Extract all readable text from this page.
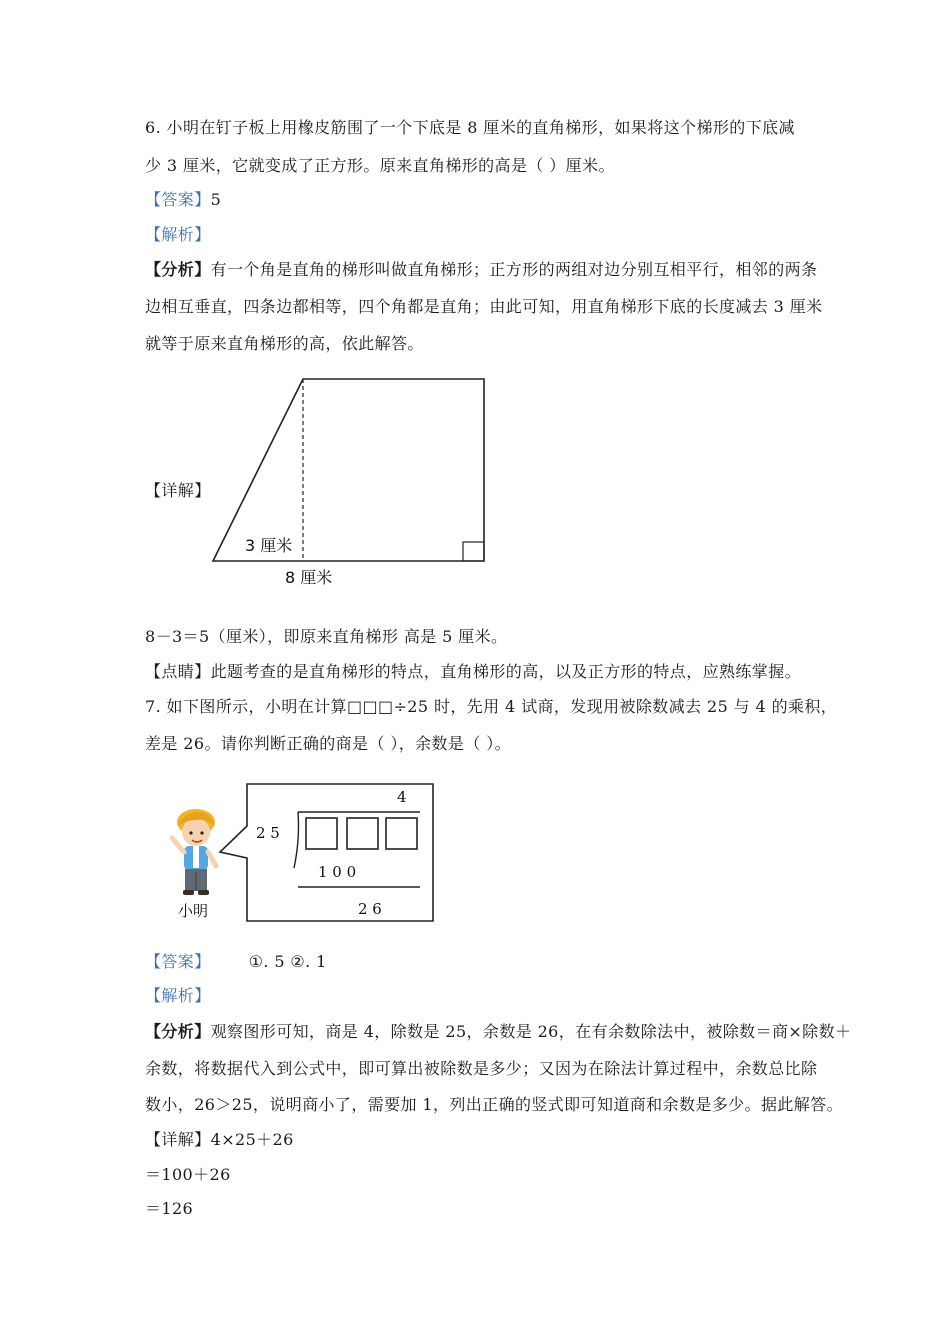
6. 小明在钉子板上用橡皮筋围了一个下底是 8 厘米的直角梯形，如果将这个梯形的下底减
少 3 厘米，它就变成了正方形。原来直角梯形的高是（ ）厘米。
【答案】5
【解析】
【分析】有一个角是直角的梯形叫做直角梯形；正方形的两组对边分别互相平行，相邻的两条
边相互垂直，四条边都相等，四个角都是直角；由此可知，用直角梯形下底的长度减去 3 厘米
就等于原来直角梯形的高，依此解答。
【详解】
3 厘米
8 厘米
8－3＝5（厘米），即原来直角梯形 高是 5 厘米。
【点睛】此题考查的是直角梯形的特点，直角梯形的高，以及正方形的特点，应熟练掌握。
7. 如下图所示，小明在计算□□□÷25 时，先用 4 试商，发现用被除数减去 25 与 4 的乘积，
差是 26。请你判断正确的商是（ ），余数是（ ）。
小明
4
2 5
1 0 0
2 6
【答案】 ①. 5 ②. 1
【解析】
【分析】观察图形可知，商是 4，除数是 25，余数是 26，在有余数除法中，被除数＝商×除数＋
余数，将数据代入到公式中，即可算出被除数是多少；又因为在除法计算过程中，余数总比除
数小，26＞25，说明商小了，需要加 1，列出正确的竖式即可知道商和余数是多少。据此解答。
【详解】4×25＋26
＝100＋26
＝126
